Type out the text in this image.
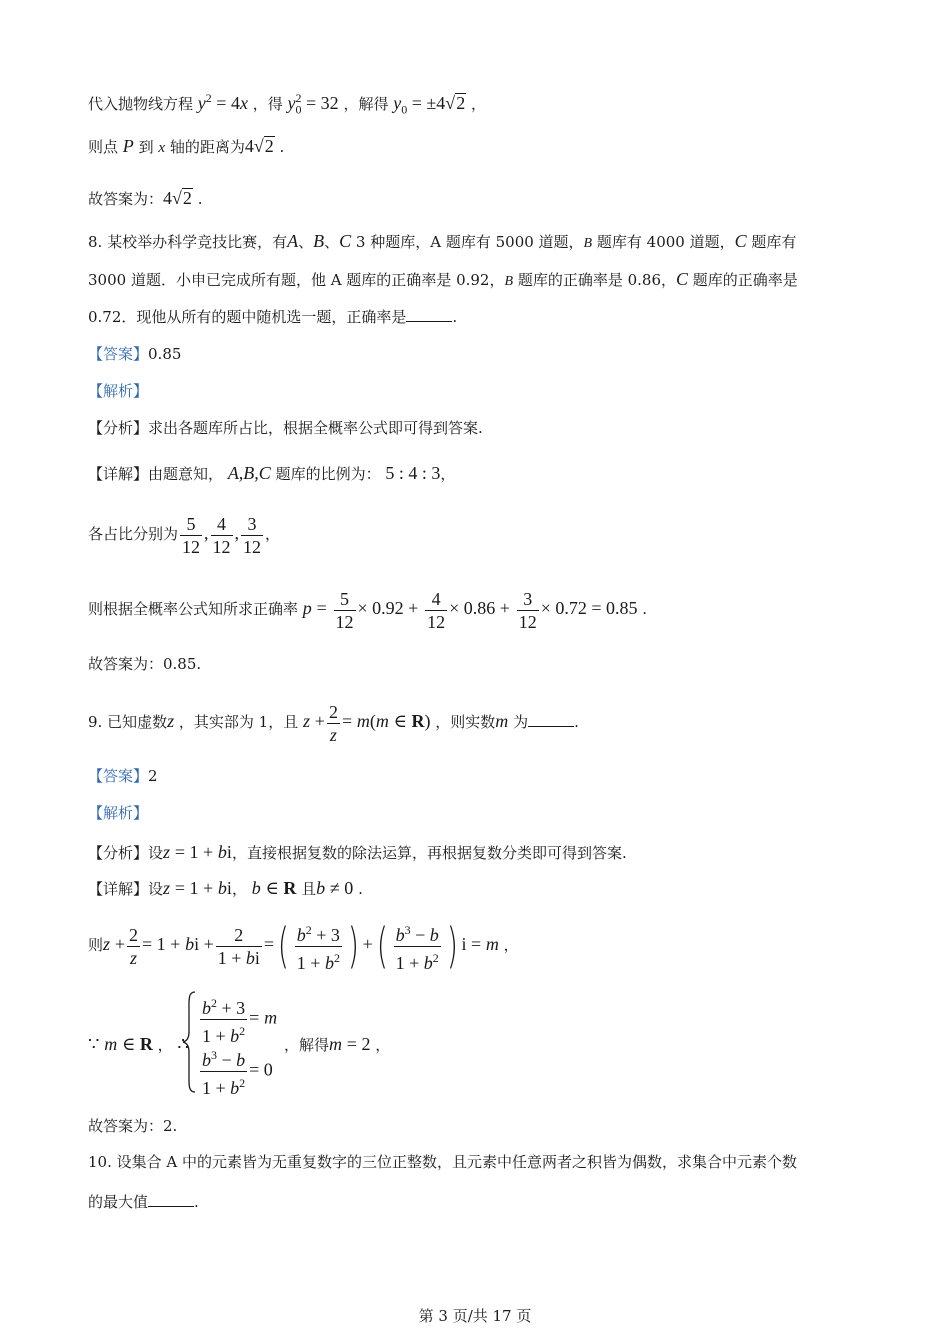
代入抛物线方程 $y^2 = 4x$ ，得 $y_0^2 = 32$ ，解得 $y_0 = \pm 4√2$ ，
则点 P 到 x 轴的距离为4√2 .
故答案为：4√2 .
8. 某校举办科学竞技比赛，有A、B、C 3 种题库，A 题库有 5000 道题，B 题库有 4000 道题，C 题库有
3000 道题．小申已完成所有题，他 A 题库的正确率是 0.92，B 题库的正确率是 0.86，C 题库的正确率是
0.72．现他从所有的题中随机选一题，正确率是	.
【答案】0.85
【解析】
【分析】求出各题库所占比，根据全概率公式即可得到答案.
【详解】由题意知， A,B,C 题库的比例为： 5 : 4 : 3，
各占比分别为 $\frac{5}{12}$ , $\frac{4}{12}$ , $\frac{3}{12}$ ，
则根据全概率公式知所求正确率 $p = \frac{5}{12} \times 0.92 + \frac{4}{12} \times 0.86 + \frac{3}{12} \times 0.72 = 0.85$ .
故答案为：0.85.
9. 已知虚数z ，其实部为 1，且 $z + \frac{2}{z} = m(m$ ∈ R) ，则实数m 为	.
【答案】2
【解析】
【分析】设z = 1 + bi，直接根据复数的除法运算，再根据复数分类即可得到答案.
【详解】设z = 1 + bi， b ∈ R 且b ≠ 0 .
则$z + \frac{2}{z} = 1$ + bi + $\frac{2}{1 + bi}$ =( $\frac{b^2 + 3}{1 + b^2}$ ) +( $\frac{b^3 - b}{1 + b^2}$ ) i = m ，
∵ m ∈ R ， ∴ $\frac{b^2 + 3}{1 + b^2} = m$
$\frac{b^3 - b}{1 + b^2} = 0$
，解得m = 2 ，
故答案为：2.
10. 设集合 A 中的元素皆为无重复数字的三位正整数，且元素中任意两者之积皆为偶数，求集合中元素个数
的最大值	.
第 3 页/共 17 页
